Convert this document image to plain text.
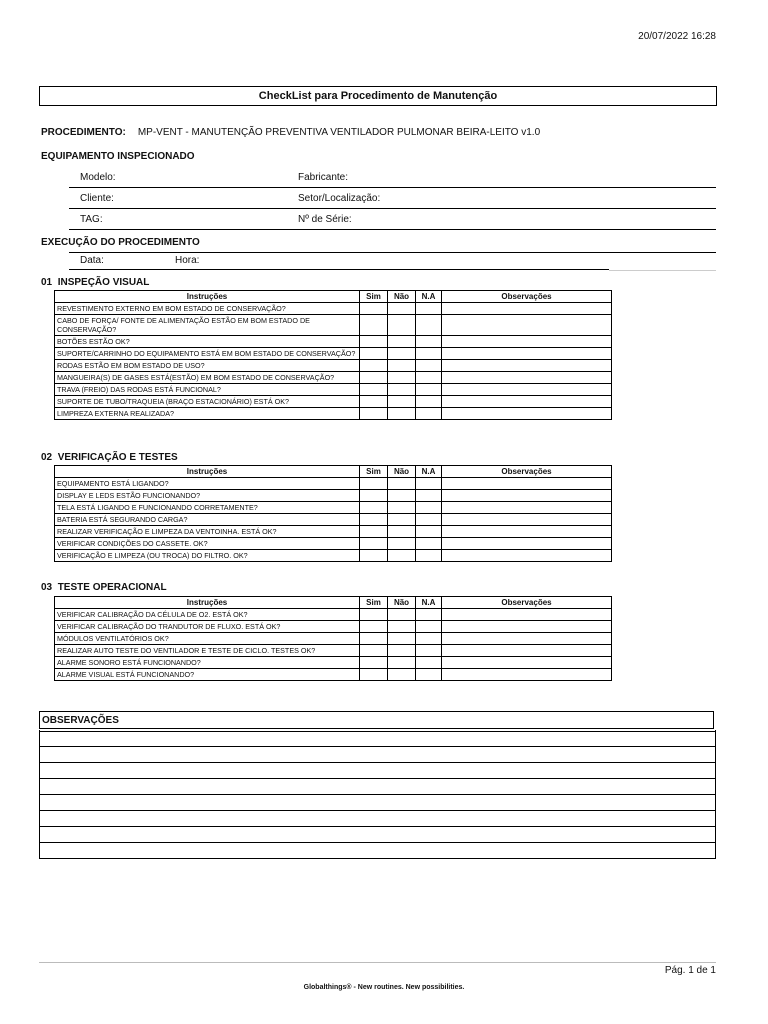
20/07/2022 16:28
CheckList para Procedimento de Manutenção
PROCEDIMENTO: MP-VENT - MANUTENÇÃO PREVENTIVA VENTILADOR PULMONAR BEIRA-LEITO v1.0
EQUIPAMENTO INSPECIONADO
Modelo:	Fabricante:
Cliente:	Setor/Localização:
TAG:	Nº de Série:
EXECUÇÃO DO PROCEDIMENTO
Data:	Hora:
01 INSPEÇÃO VISUAL
Instruções	Sim	Não	N.A	Observações
REVESTIMENTO EXTERNO EM BOM ESTADO DE CONSERVAÇÃO?				
CABO DE FORÇA/ FONTE DE ALIMENTAÇÃO ESTÃO EM BOM ESTADO DE CONSERVAÇÃO?				
BOTÕES ESTÃO OK?				
SUPORTE/CARRINHO DO EQUIPAMENTO ESTÁ EM BOM ESTADO DE CONSERVAÇÃO?				
RODAS ESTÃO EM BOM ESTADO DE USO?				
MANGUEIRA(S) DE GASES ESTÁ(ESTÃO) EM BOM ESTADO DE CONSERVAÇÃO?				
TRAVA (FREIO) DAS RODAS ESTÁ FUNCIONAL?				
SUPORTE DE TUBO/TRAQUEIA (BRAÇO ESTACIONÁRIO) ESTÁ OK?				
LIMPREZA EXTERNA REALIZADA?				
02 VERIFICAÇÃO E TESTES
Instruções	Sim	Não	N.A	Observações
EQUIPAMENTO ESTÁ LIGANDO?				
DISPLAY E LEDS ESTÃO FUNCIONANDO?				
TELA ESTÁ LIGANDO E FUNCIONANDO CORRETAMENTE?				
BATERIA ESTÁ SEGURANDO CARGA?				
REALIZAR VERIFICAÇÃO E LIMPEZA DA VENTOINHA. ESTÁ OK?				
VERIFICAR CONDIÇÕES DO CASSETE. OK?				
VERIFICAÇÃO E LIMPEZA (OU TROCA) DO FILTRO. OK?				
03 TESTE OPERACIONAL
Instruções	Sim	Não	N.A	Observações
VERIFICAR CALIBRAÇÃO DA CÉLULA DE O2. ESTÁ OK?				
VERIFICAR CALIBRAÇÃO DO TRANDUTOR DE FLUXO. ESTÁ OK?				
MÓDULOS VENTILATÓRIOS OK?				
REALIZAR AUTO TESTE DO VENTILADOR E TESTE DE CICLO. TESTES OK?				
ALARME SONORO ESTÁ FUNCIONANDO?				
ALARME VISUAL ESTÁ FUNCIONANDO?				
OBSERVAÇÕES
Pág. 1 de 1
Globalthings® - New routines. New possibilities.
